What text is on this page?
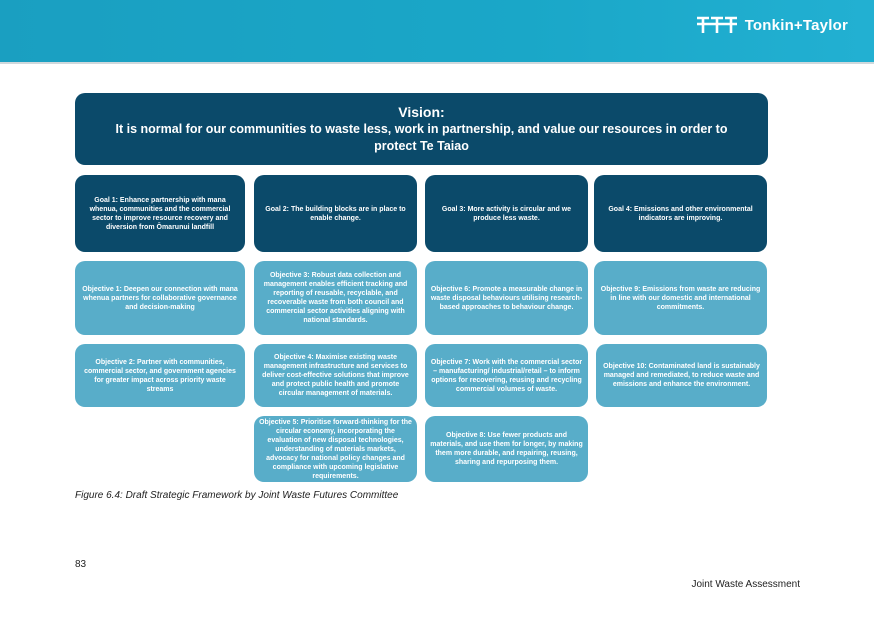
Tonkin+Taylor
Vision:
It is normal for our communities to waste less, work in partnership, and value our resources in order to protect Te Taiao
Goal 1: Enhance partnership with mana whenua, communities and the commercial sector to improve resource recovery and diversion from Ōmarunui landfill
Goal 2: The building blocks are in place to enable change.
Goal 3: More activity is circular and we produce less waste.
Goal 4: Emissions and other environmental indicators are improving.
Objective 1: Deepen our connection with mana whenua partners for collaborative governance and decision-making
Objective 3: Robust data collection and management enables efficient tracking and reporting of reusable, recyclable, and recoverable waste from both council and commercial sector activities aligning with national standards.
Objective 6: Promote a measurable change in waste disposal behaviours utilising research-based approaches to behaviour change.
Objective 9: Emissions from waste are reducing in line with our domestic and international commitments.
Objective 2: Partner with communities, commercial sector, and government agencies for greater impact across priority waste streams
Objective 4: Maximise existing waste management infrastructure and services to deliver cost-effective solutions that improve and protect public health and promote circular management of materials.
Objective 7: Work with the commercial sector – manufacturing/ industrial/retail – to inform options for recovering, reusing and recycling commercial volumes of waste.
Objective 10: Contaminated land is sustainably managed and remediated, to reduce waste and emissions and enhance the environment.
Objective 5: Prioritise forward-thinking for the circular economy, incorporating the evaluation of new disposal technologies, understanding of materials markets, advocacy for national policy changes and compliance with upcoming legislative requirements.
Objective 8: Use fewer products and materials, and use them for longer, by making them more durable, and repairing, reusing, sharing and repurposing them.
Figure 6.4: Draft Strategic Framework by Joint Waste Futures Committee
83
Joint Waste Assessment
